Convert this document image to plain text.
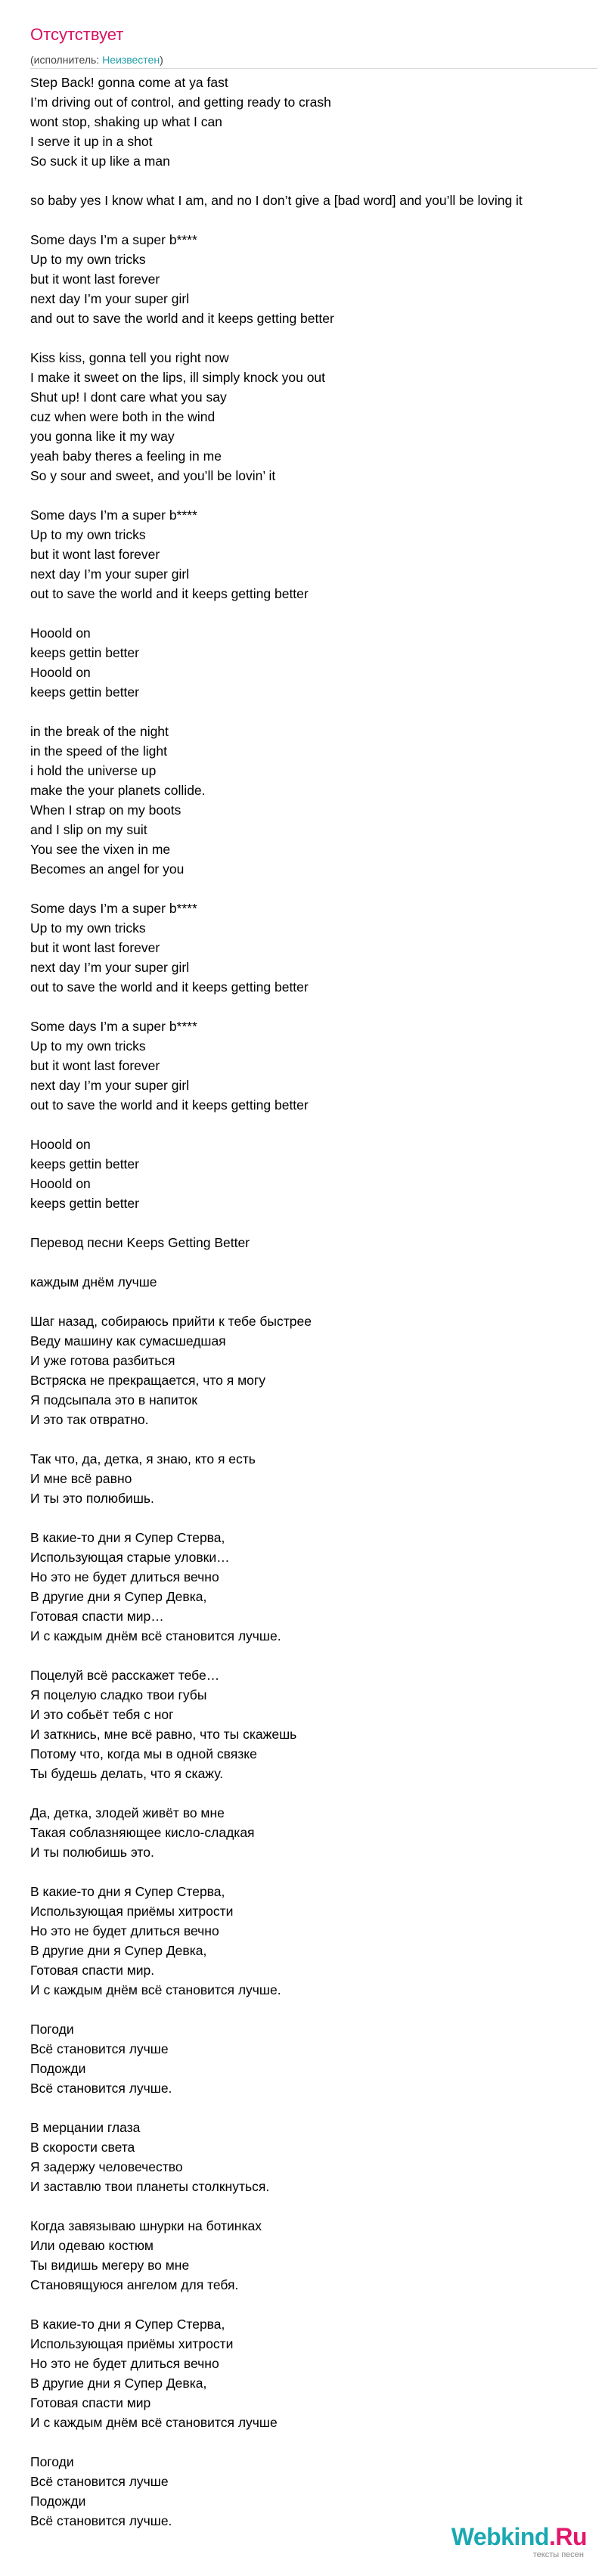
Отсутствует
(исполнитель: Неизвестен)
Step Back! gonna come at ya fast
I’m driving out of control, and getting ready to crash
wont stop, shaking up what I can
I serve it up in a shot
So suck it up like a man
so baby yes I know what I am, and no I don’t give a [bad word] and you’ll be loving it
Some days I’m a super b****
Up to my own tricks
but it wont last forever
next day I’m your super girl
and out to save the world and it keeps getting better
Kiss kiss, gonna tell you right now
I make it sweet on the lips, ill simply knock you out
Shut up! I dont care what you say
cuz when were both in the wind
you gonna like it my way
yeah baby theres a feeling in me
So y sour and sweet, and you’ll be lovin’ it
Some days I’m a super b****
Up to my own tricks
but it wont last forever
next day I’m your super girl
out to save the world and it keeps getting better
Hooold on
keeps gettin better
Hooold on
keeps gettin better
in the break of the night
in the speed of the light
i hold the universe up
make the your planets collide.
When I strap on my boots
and I slip on my suit
You see the vixen in me
Becomes an angel for you
Some days I’m a super b****
Up to my own tricks
but it wont last forever
next day I’m your super girl
out to save the world and it keeps getting better
Some days I’m a super b****
Up to my own tricks
but it wont last forever
next day I’m your super girl
out to save the world and it keeps getting better
Hooold on
keeps gettin better
Hooold on
keeps gettin better
Перевод песни Keeps Getting Better
каждым днём лучше
Шаг назад, собираюсь прийти к тебе быстрее
Веду машину как сумасшедшая
И уже готова разбиться
Встряска не прекращается, что я могу
Я подсыпала это в напиток
И это так отвратно.
Так что, да, детка, я знаю, кто я есть
И мне всё равно
И ты это полюбишь.
В какие-то дни я Супер Стерва,
Использующая старые уловки…
Но это не будет длиться вечно
В другие дни я Супер Девка,
Готовая спасти мир…
И с каждым днём всё становится лучше.
Поцелуй всё расскажет тебе…
Я поцелую сладко твои губы
И это собьёт тебя с ног
И заткнись, мне всё равно, что ты скажешь
Потому что, когда мы в одной связке
Ты будешь делать, что я скажу.
Да, детка, злодей живёт во мне
Такая соблазняющее кисло-сладкая
И ты полюбишь это.
В какие-то дни я Супер Стерва,
Использующая приёмы хитрости
Но это не будет длиться вечно
В другие дни я Супер Девка,
Готовая спасти мир.
И с каждым днём всё становится лучше.
Погоди
Всё становится лучше
Подожди
Всё становится лучше.
В мерцании глаза
В скорости света
Я задержу человечество
И заставлю твои планеты столкнуться.
Когда завязываю шнурки на ботинках
Или одеваю костюм
Ты видишь мегеру во мне
Становящуюся ангелом для тебя.
В какие-то дни я Супер Стерва,
Использующая приёмы хитрости
Но это не будет длиться вечно
В другие дни я Супер Девка,
Готовая спасти мир
И с каждым днём всё становится лучше
Погоди
Всё становится лучше
Подожди
Всё становится лучше.
Webkind.Ru
тексты песен
